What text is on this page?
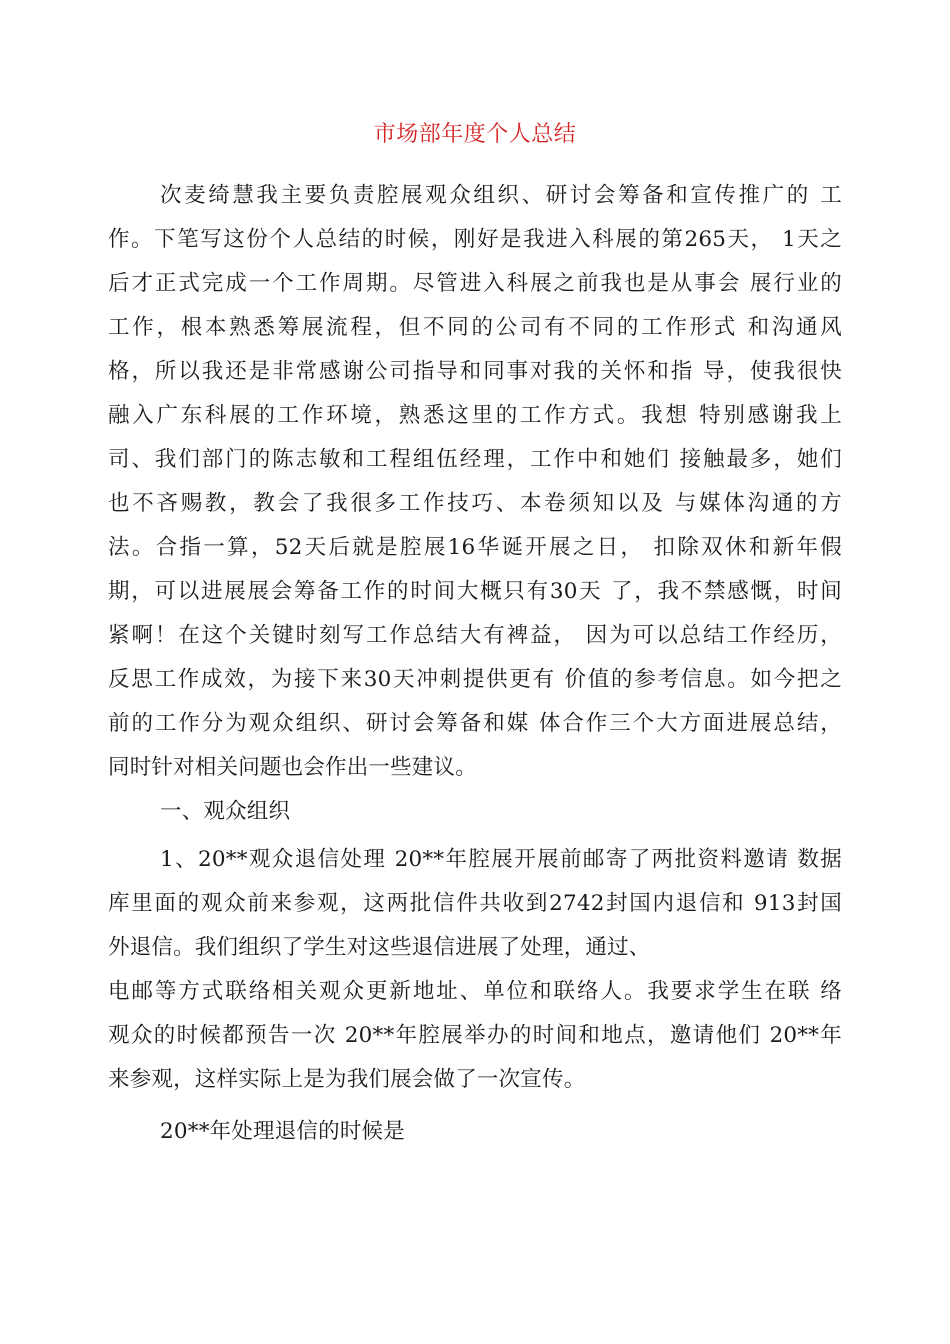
市场部年度个人总结
次麦绮慧我主要负责腔展观众组织、研讨会筹备和宣传推广的 工
作。下笔写这份个人总结的时候，刚好是我进入科展的第265天， 1天之
后才正式完成一个工作周期。尽管进入科展之前我也是从事会 展行业的
工作，根本熟悉筹展流程，但不同的公司有不同的工作形式 和沟通风
格，所以我还是非常感谢公司指导和同事对我的关怀和指 导，使我很快
融入广东科展的工作环境，熟悉这里的工作方式。我想 特别感谢我上
司、我们部门的陈志敏和工程组伍经理，工作中和她们 接触最多，她们
也不吝赐教，教会了我很多工作技巧、本卷须知以及 与媒体沟通的方
法。合指一算，52天后就是腔展16华诞开展之日， 扣除双休和新年假
期，可以进展展会筹备工作的时间大概只有30天 了，我不禁感慨，时间
紧啊！在这个关键时刻写工作总结大有裨益， 因为可以总结工作经历，
反思工作成效，为接下来30天冲刺提供更有 价值的参考信息。如今把之
前的工作分为观众组织、研讨会筹备和媒 体合作三个大方面进展总结，
同时针对相关问题也会作出一些建议。
一、观众组织
1、20**观众退信处理 20**年腔展开展前邮寄了两批资料邀请 数据
库里面的观众前来参观，这两批信件共收到2742封国内退信和 913封国
外退信。我们组织了学生对这些退信进展了处理，通过、
电邮等方式联络相关观众更新地址、单位和联络人。我要求学生在联 络
观众的时候都预告一次 20**年腔展举办的时间和地点，邀请他们 20**年
来参观，这样实际上是为我们展会做了一次宣传。
20**年处理退信的时候是
